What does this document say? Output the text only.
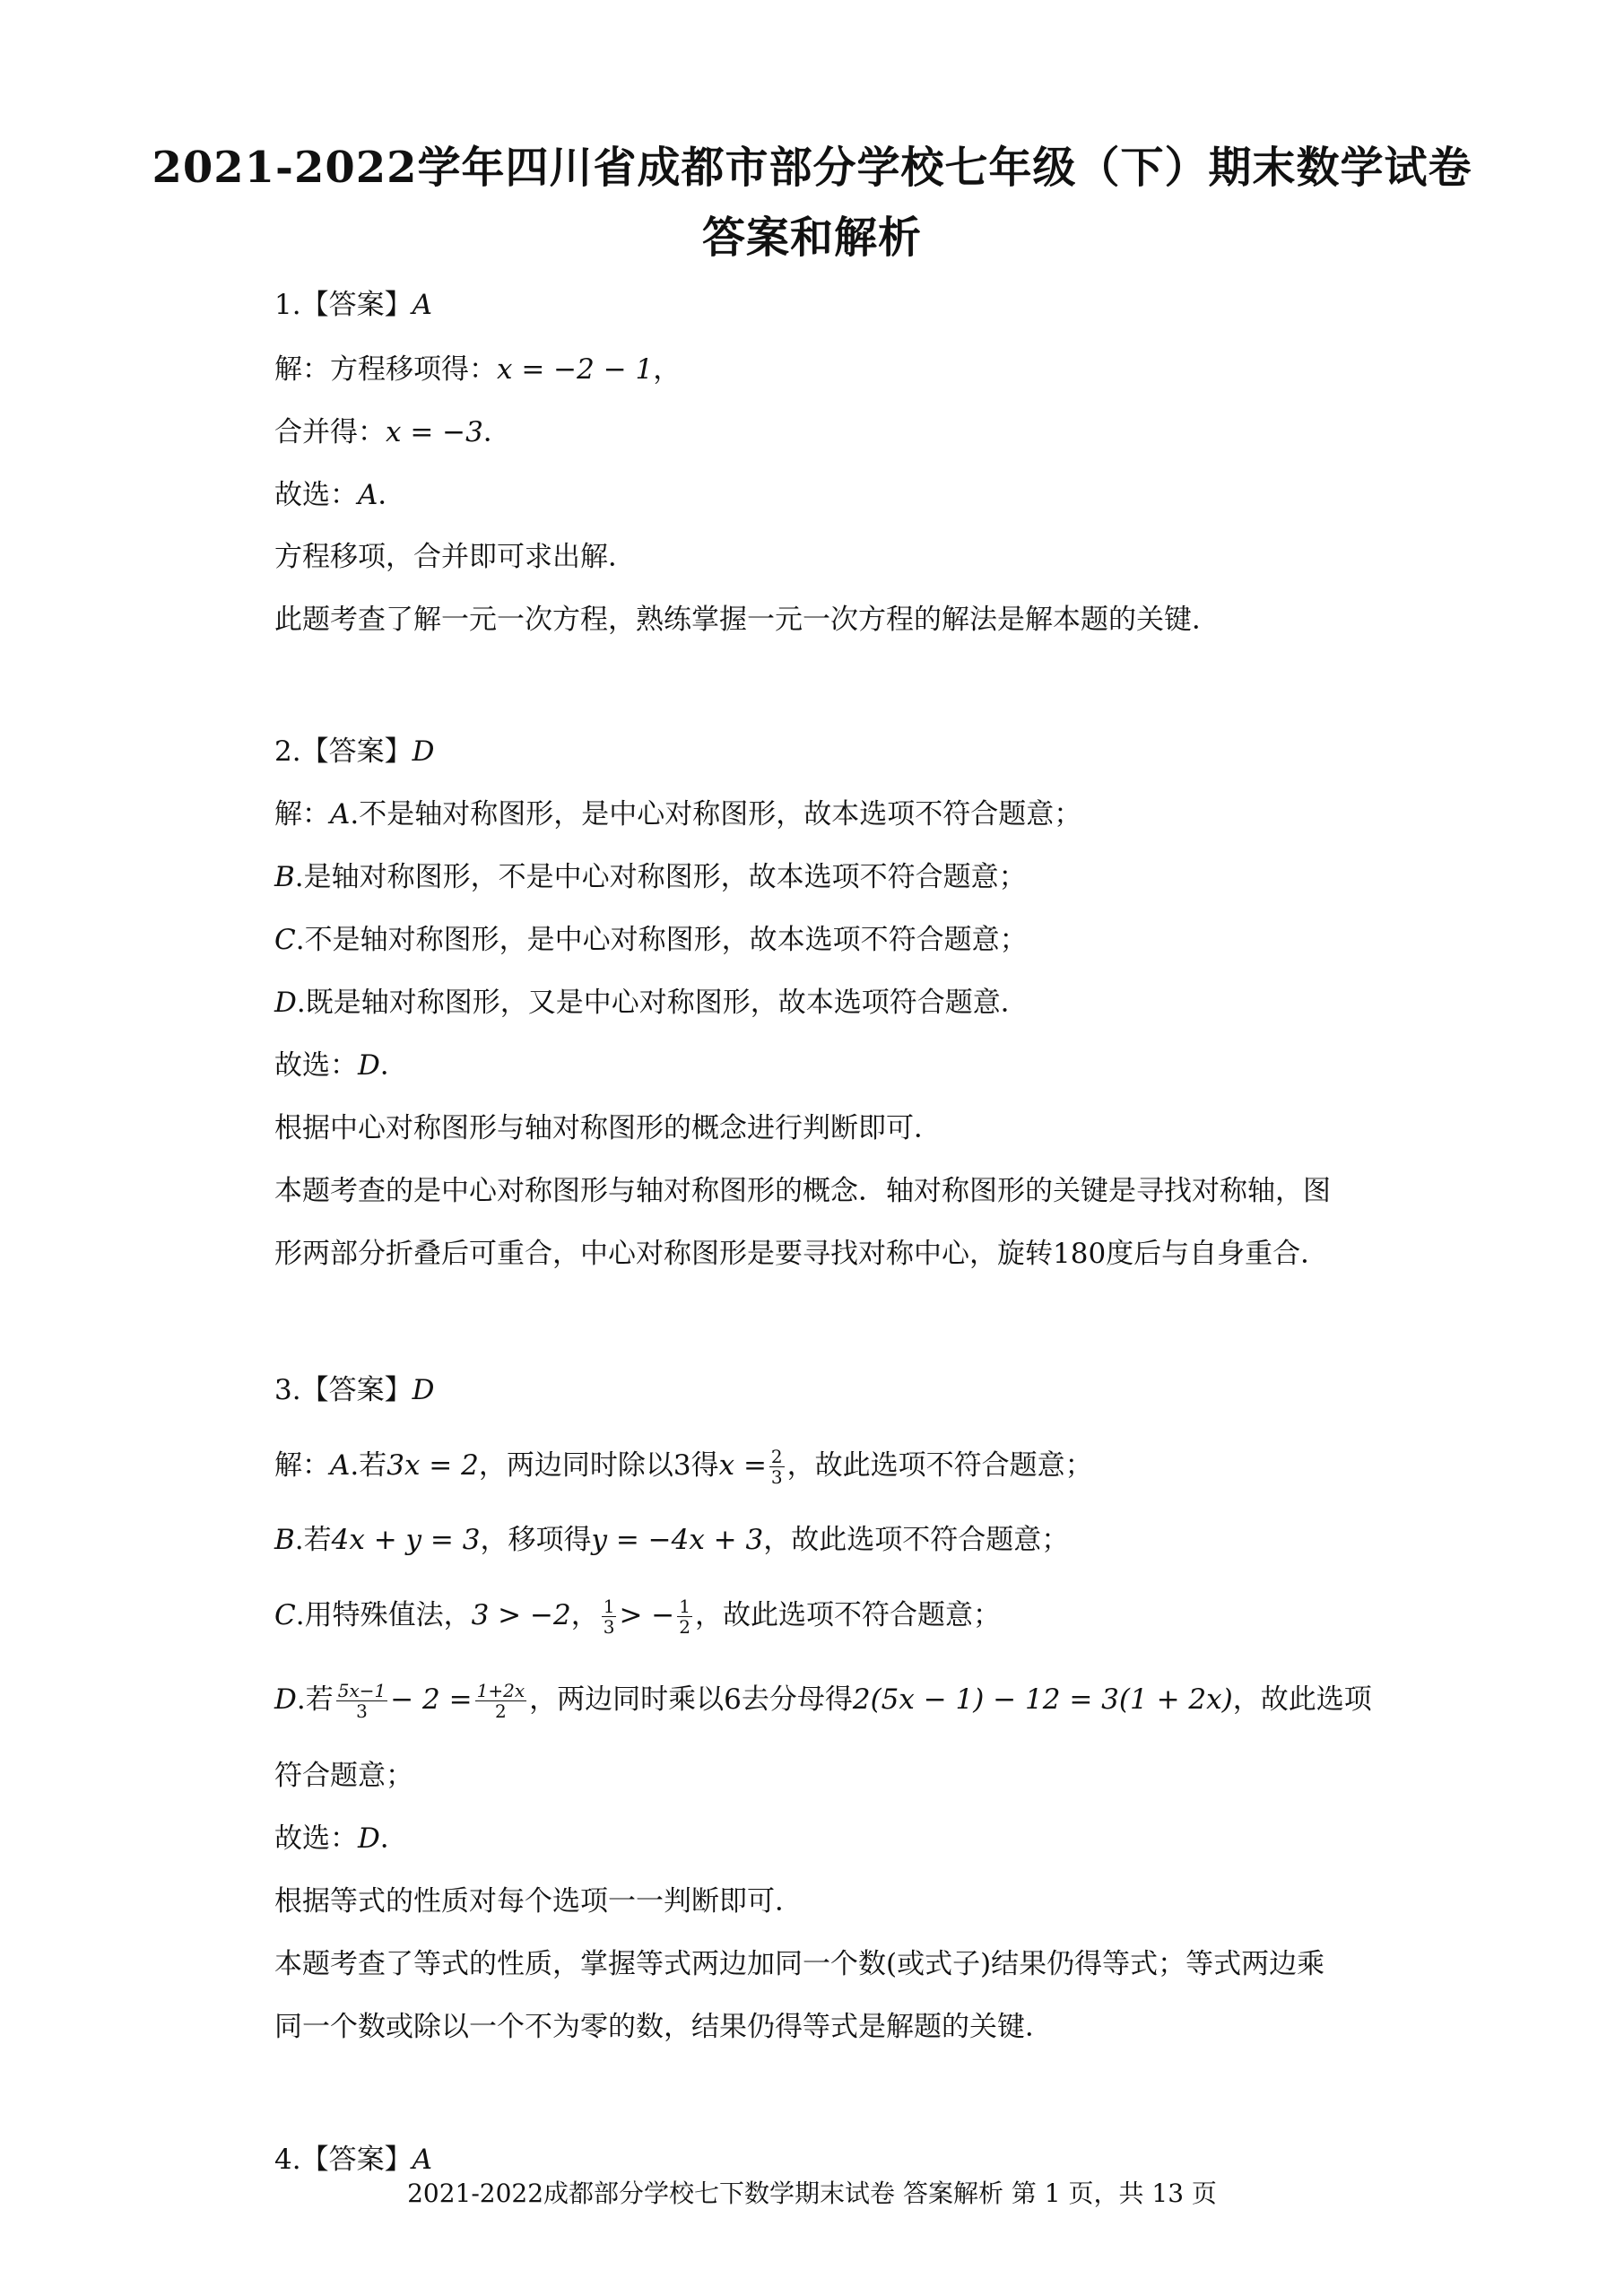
2021-2022学年四川省成都市部分学校七年级（下）期末数学试卷
答案和解析
1.【答案】A
解：方程移项得：x = −2 − 1，
合并得：x = −3．
故选：A．
方程移项，合并即可求出解．
此题考查了解一元一次方程，熟练掌握一元一次方程的解法是解本题的关键．
2.【答案】D
解：A.不是轴对称图形，是中心对称图形，故本选项不符合题意；
B.是轴对称图形，不是中心对称图形，故本选项不符合题意；
C.不是轴对称图形，是中心对称图形，故本选项不符合题意；
D.既是轴对称图形，又是中心对称图形，故本选项符合题意．
故选：D．
根据中心对称图形与轴对称图形的概念进行判断即可．
本题考查的是中心对称图形与轴对称图形的概念．轴对称图形的关键是寻找对称轴，图
形两部分折叠后可重合，中心对称图形是要寻找对称中心，旋转180度后与自身重合．
3.【答案】D
解：A.若3x = 2，两边同时除以3得$x = \frac{2}{3}$ ，故此选项不符合题意；
B.若4x + y = 3，移项得y = −4x + 3，故此选项不符合题意；
C.用特殊值法，3 > −2， $\frac{1}{3}$ > − $\frac{1}{2}$ ，故此选项不符合题意；
D.若 $\frac{5x-1}{3} - 2 = \frac{1+2x}{2}$ ，两边同时乘以6去分母得2(5x − 1) − 12 = 3(1 + 2x)，故此选项
符合题意；
故选：D．
根据等式的性质对每个选项一一判断即可．
本题考查了等式的性质，掌握等式两边加同一个数(或式子)结果仍得等式；等式两边乘
同一个数或除以一个不为零的数，结果仍得等式是解题的关键．
4.【答案】A
2021-2022成都部分学校七下数学期末试卷 答案解析 第 1 页，共 13 页
